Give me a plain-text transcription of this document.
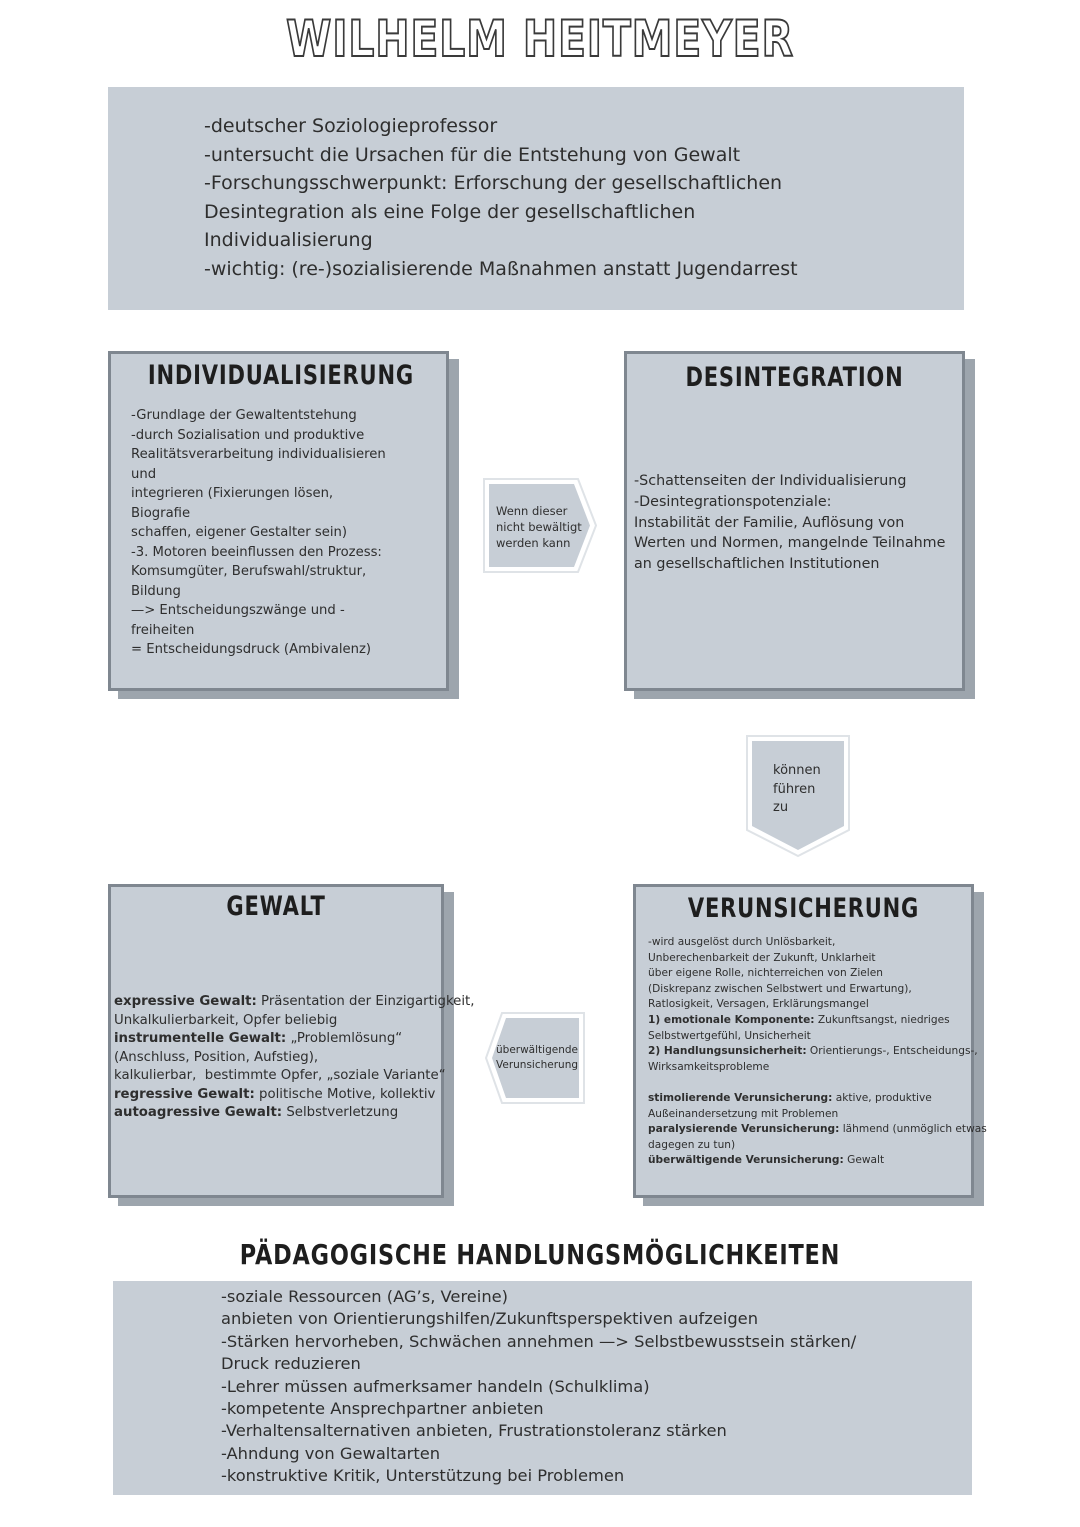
WILHELM HEITMEYER
-deutscher Soziologieprofessor
-untersucht die Ursachen für die Entstehung von Gewalt
-Forschungsschwerpunkt: Erforschung der gesellschaftlichen
Desintegration als eine Folge der gesellschaftlichen
Individualisierung
-wichtig: (re-)sozialisierende Maßnahmen anstatt Jugendarrest
INDIVIDUALISIERUNG
-Grundlage der Gewaltentstehung
-durch Sozialisation und produktive
Realitätsverarbeitung individualisieren
und
integrieren (Fixierungen lösen,
Biografie
schaffen, eigener Gestalter sein)
-3. Motoren beeinflussen den Prozess:
Komsumgüter, Berufswahl/struktur,
Bildung
—> Entscheidungszwänge und -
freiheiten
= Entscheidungsdruck (Ambivalenz)
Wenn dieser
nicht bewältigt
werden kann
DESINTEGRATION
-Schattenseiten der Individualisierung
-Desintegrationspotenziale:
Instabilität der Familie, Auflösung von
Werten und Normen, mangelnde Teilnahme
an gesellschaftlichen Institutionen
können
führen
zu
GEWALT
expressive Gewalt: Präsentation der Einzigartigkeit,
Unkalkulierbarkeit, Opfer beliebig
instrumentelle Gewalt: „Problemlösung“
(Anschluss, Position, Aufstieg),
kalkulierbar,  bestimmte Opfer, „soziale Variante“
regressive Gewalt: politische Motive, kollektiv
autoagressive Gewalt: Selbstverletzung
überwältigende
Verunsicherung
VERUNSICHERUNG
-wird ausgelöst durch Unlösbarkeit,
Unberechenbarkeit der Zukunft, Unklarheit
über eigene Rolle, nichterreichen von Zielen
(Diskrepanz zwischen Selbstwert und Erwartung),
Ratlosigkeit, Versagen, Erklärungsmangel
1) emotionale Komponente: Zukunftsangst, niedriges
Selbstwertgefühl, Unsicherheit
2) Handlungsunsicherheit: Orientierungs-, Entscheidungs-,
Wirksamkeitsprobleme

stimolierende Verunsicherung: aktive, produktive
Außeinandersetzung mit Problemen
paralysierende Verunsicherung: lähmend (unmöglich etwas
dagegen zu tun)
überwältigende Verunsicherung: Gewalt
PÄDAGOGISCHE HANDLUNGSMÖGLICHKEITEN
-soziale Ressourcen (AG’s, Vereine)
anbieten von Orientierungshilfen/Zukunftsperspektiven aufzeigen
-Stärken hervorheben, Schwächen annehmen —> Selbstbewusstsein stärken/
Druck reduzieren
-Lehrer müssen aufmerksamer handeln (Schulklima)
-kompetente Ansprechpartner anbieten
-Verhaltensalternativen anbieten, Frustrationstoleranz stärken
-Ahndung von Gewaltarten
-konstruktive Kritik, Unterstützung bei Problemen
